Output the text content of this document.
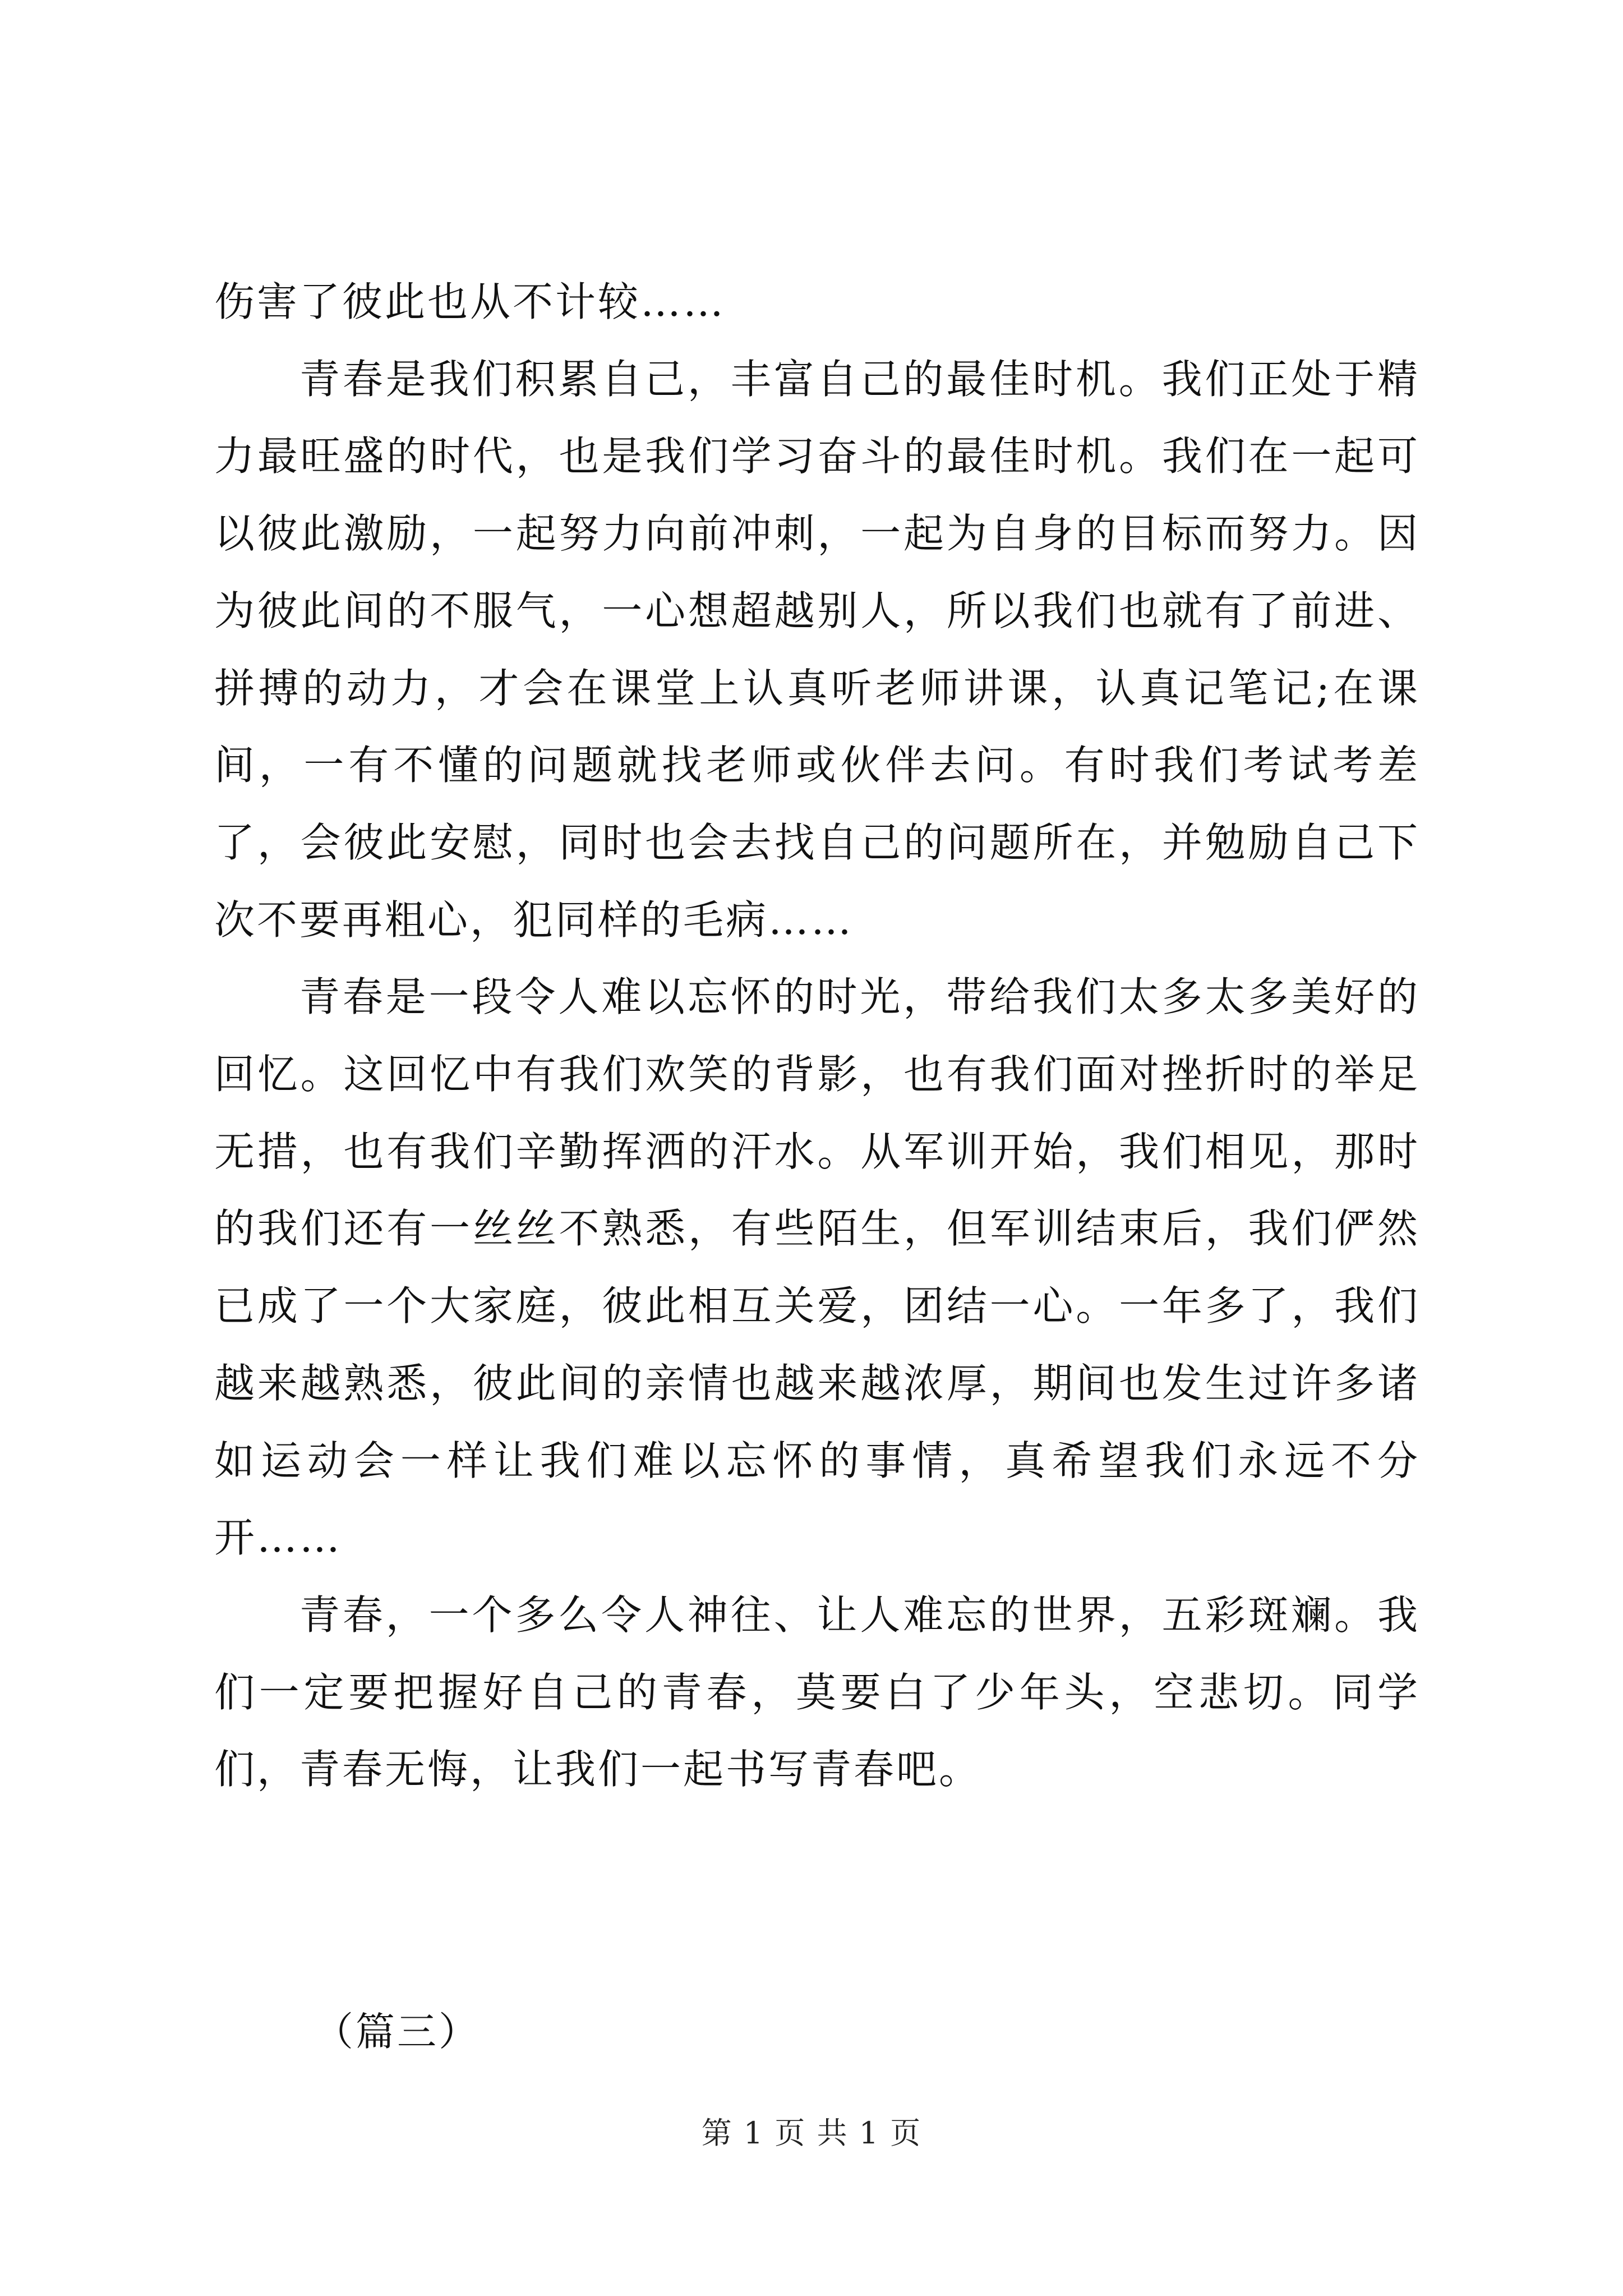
伤害了彼此也从不计较……

青春是我们积累自己，丰富自己的最佳时机。我们正处于精力最旺盛的时代，也是我们学习奋斗的最佳时机。我们在一起可以彼此激励，一起努力向前冲刺，一起为自身的目标而努力。因为彼此间的不服气，一心想超越别人，所以我们也就有了前进、拼搏的动力，才会在课堂上认真听老师讲课，认真记笔记;在课间，一有不懂的问题就找老师或伙伴去问。有时我们考试考差了，会彼此安慰，同时也会去找自己的问题所在，并勉励自己下次不要再粗心，犯同样的毛病……

青春是一段令人难以忘怀的时光，带给我们太多太多美好的回忆。这回忆中有我们欢笑的背影，也有我们面对挫折时的举足无措，也有我们辛勤挥洒的汗水。从军训开始，我们相见，那时的我们还有一丝丝不熟悉，有些陌生，但军训结束后，我们俨然已成了一个大家庭，彼此相互关爱，团结一心。一年多了，我们越来越熟悉，彼此间的亲情也越来越浓厚，期间也发生过许多诸如运动会一样让我们难以忘怀的事情，真希望我们永远不分开……

青春，一个多么令人神往、让人难忘的世界，五彩斑斓。我们一定要把握好自己的青春，莫要白了少年头，空悲切。同学们，青春无悔，让我们一起书写青春吧。

（篇三）
第 1 页 共 1 页
